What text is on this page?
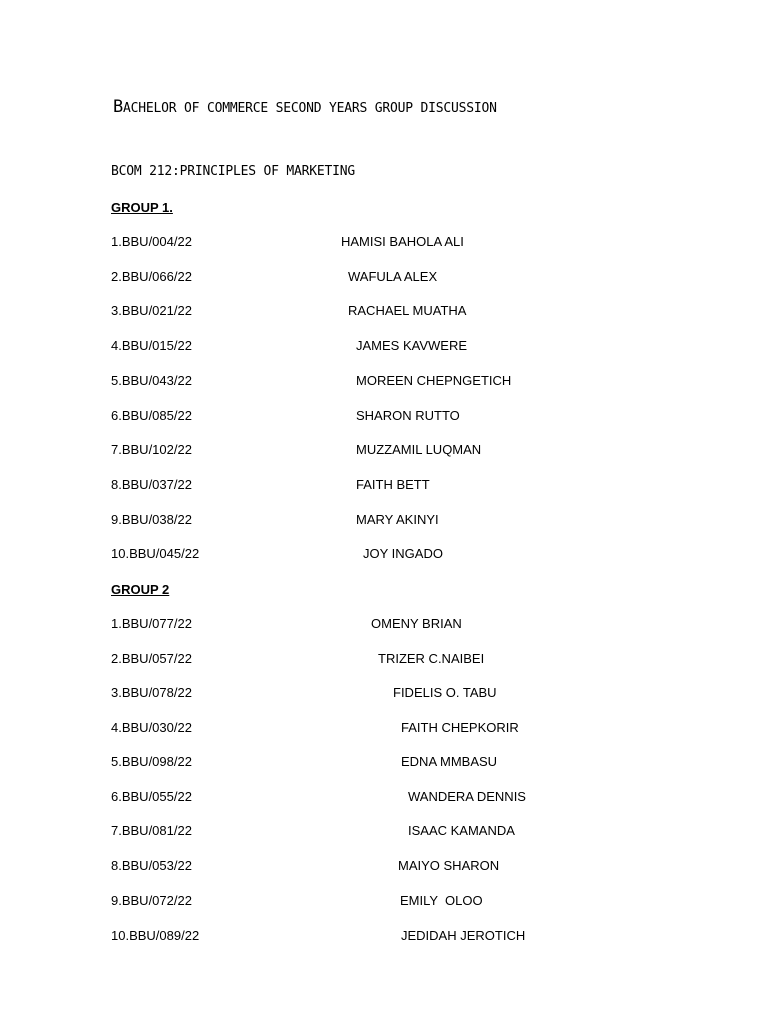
BACHELOR OF COMMERCE SECOND YEARS GROUP DISCUSSION
BCOM 212:PRINCIPLES OF MARKETING
GROUP 1.
1.BBU/004/22	HAMISI BAHOLA ALI
2.BBU/066/22	WAFULA ALEX
3.BBU/021/22	RACHAEL MUATHA
4.BBU/015/22	JAMES KAVWERE
5.BBU/043/22	MOREEN CHEPNGETICH
6.BBU/085/22	SHARON RUTTO
7.BBU/102/22	MUZZAMIL LUQMAN
8.BBU/037/22	FAITH BETT
9.BBU/038/22	MARY AKINYI
10.BBU/045/22	JOY INGADO
GROUP 2
1.BBU/077/22	OMENY BRIAN
2.BBU/057/22	TRIZER C.NAIBEI
3.BBU/078/22	FIDELIS O. TABU
4.BBU/030/22	FAITH CHEPKORIR
5.BBU/098/22	EDNA MMBASU
6.BBU/055/22	WANDERA DENNIS
7.BBU/081/22	ISAAC KAMANDA
8.BBU/053/22	MAIYO SHARON
9.BBU/072/22	EMILY  OLOO
10.BBU/089/22	JEDIDAH JEROTICH
